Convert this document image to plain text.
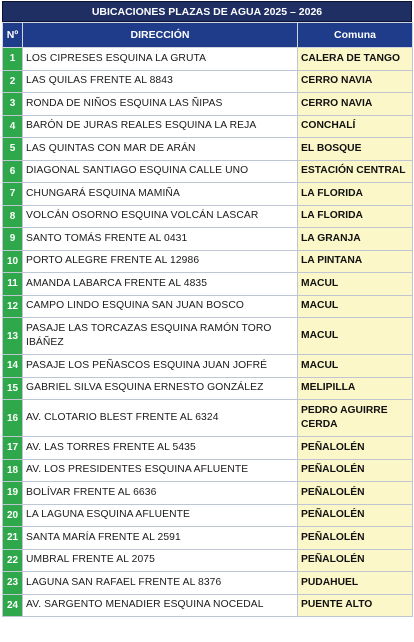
UBICACIONES PLAZAS DE AGUA 2025 – 2026
Nº	DIRECCIÓN	Comuna
1	LOS CIPRESES ESQUINA LA GRUTA	CALERA DE TANGO
2	LAS QUILAS FRENTE AL 8843	CERRO NAVIA
3	RONDA DE NIÑOS ESQUINA LAS ÑIPAS	CERRO NAVIA
4	BARÓN DE JURAS REALES ESQUINA LA REJA	CONCHALÍ
5	LAS QUINTAS CON MAR DE ARÁN	EL BOSQUE
6	DIAGONAL SANTIAGO ESQUINA CALLE UNO	ESTACIÓN CENTRAL
7	CHUNGARÁ ESQUINA MAMIÑA	LA FLORIDA
8	VOLCÁN OSORNO ESQUINA VOLCÁN LASCAR	LA FLORIDA
9	SANTO TOMÁS FRENTE AL 0431	LA GRANJA
10	PORTO ALEGRE FRENTE AL 12986	LA PINTANA
11	AMANDA LABARCA FRENTE AL 4835	MACUL
12	CAMPO LINDO ESQUINA SAN JUAN BOSCO	MACUL
13	PASAJE LAS TORCAZAS ESQUINA RAMÓN TORO IBÁÑEZ	MACUL
14	PASAJE LOS PEÑASCOS ESQUINA JUAN JOFRÉ	MACUL
15	GABRIEL SILVA ESQUINA ERNESTO GONZÁLEZ	MELIPILLA
16	AV. CLOTARIO BLEST FRENTE AL 6324	PEDRO AGUIRRE CERDA
17	AV. LAS TORRES FRENTE AL 5435	PEÑALOLÉN
18	AV. LOS PRESIDENTES ESQUINA AFLUENTE	PEÑALOLÉN
19	BOLÍVAR FRENTE AL 6636	PEÑALOLÉN
20	LA LAGUNA ESQUINA AFLUENTE	PEÑALOLÉN
21	SANTA MARÍA FRENTE AL 2591	PEÑALOLÉN
22	UMBRAL FRENTE AL 2075	PEÑALOLÉN
23	LAGUNA SAN RAFAEL FRENTE AL 8376	PUDAHUEL
24	AV. SARGENTO MENADIER ESQUINA NOCEDAL	PUENTE ALTO
